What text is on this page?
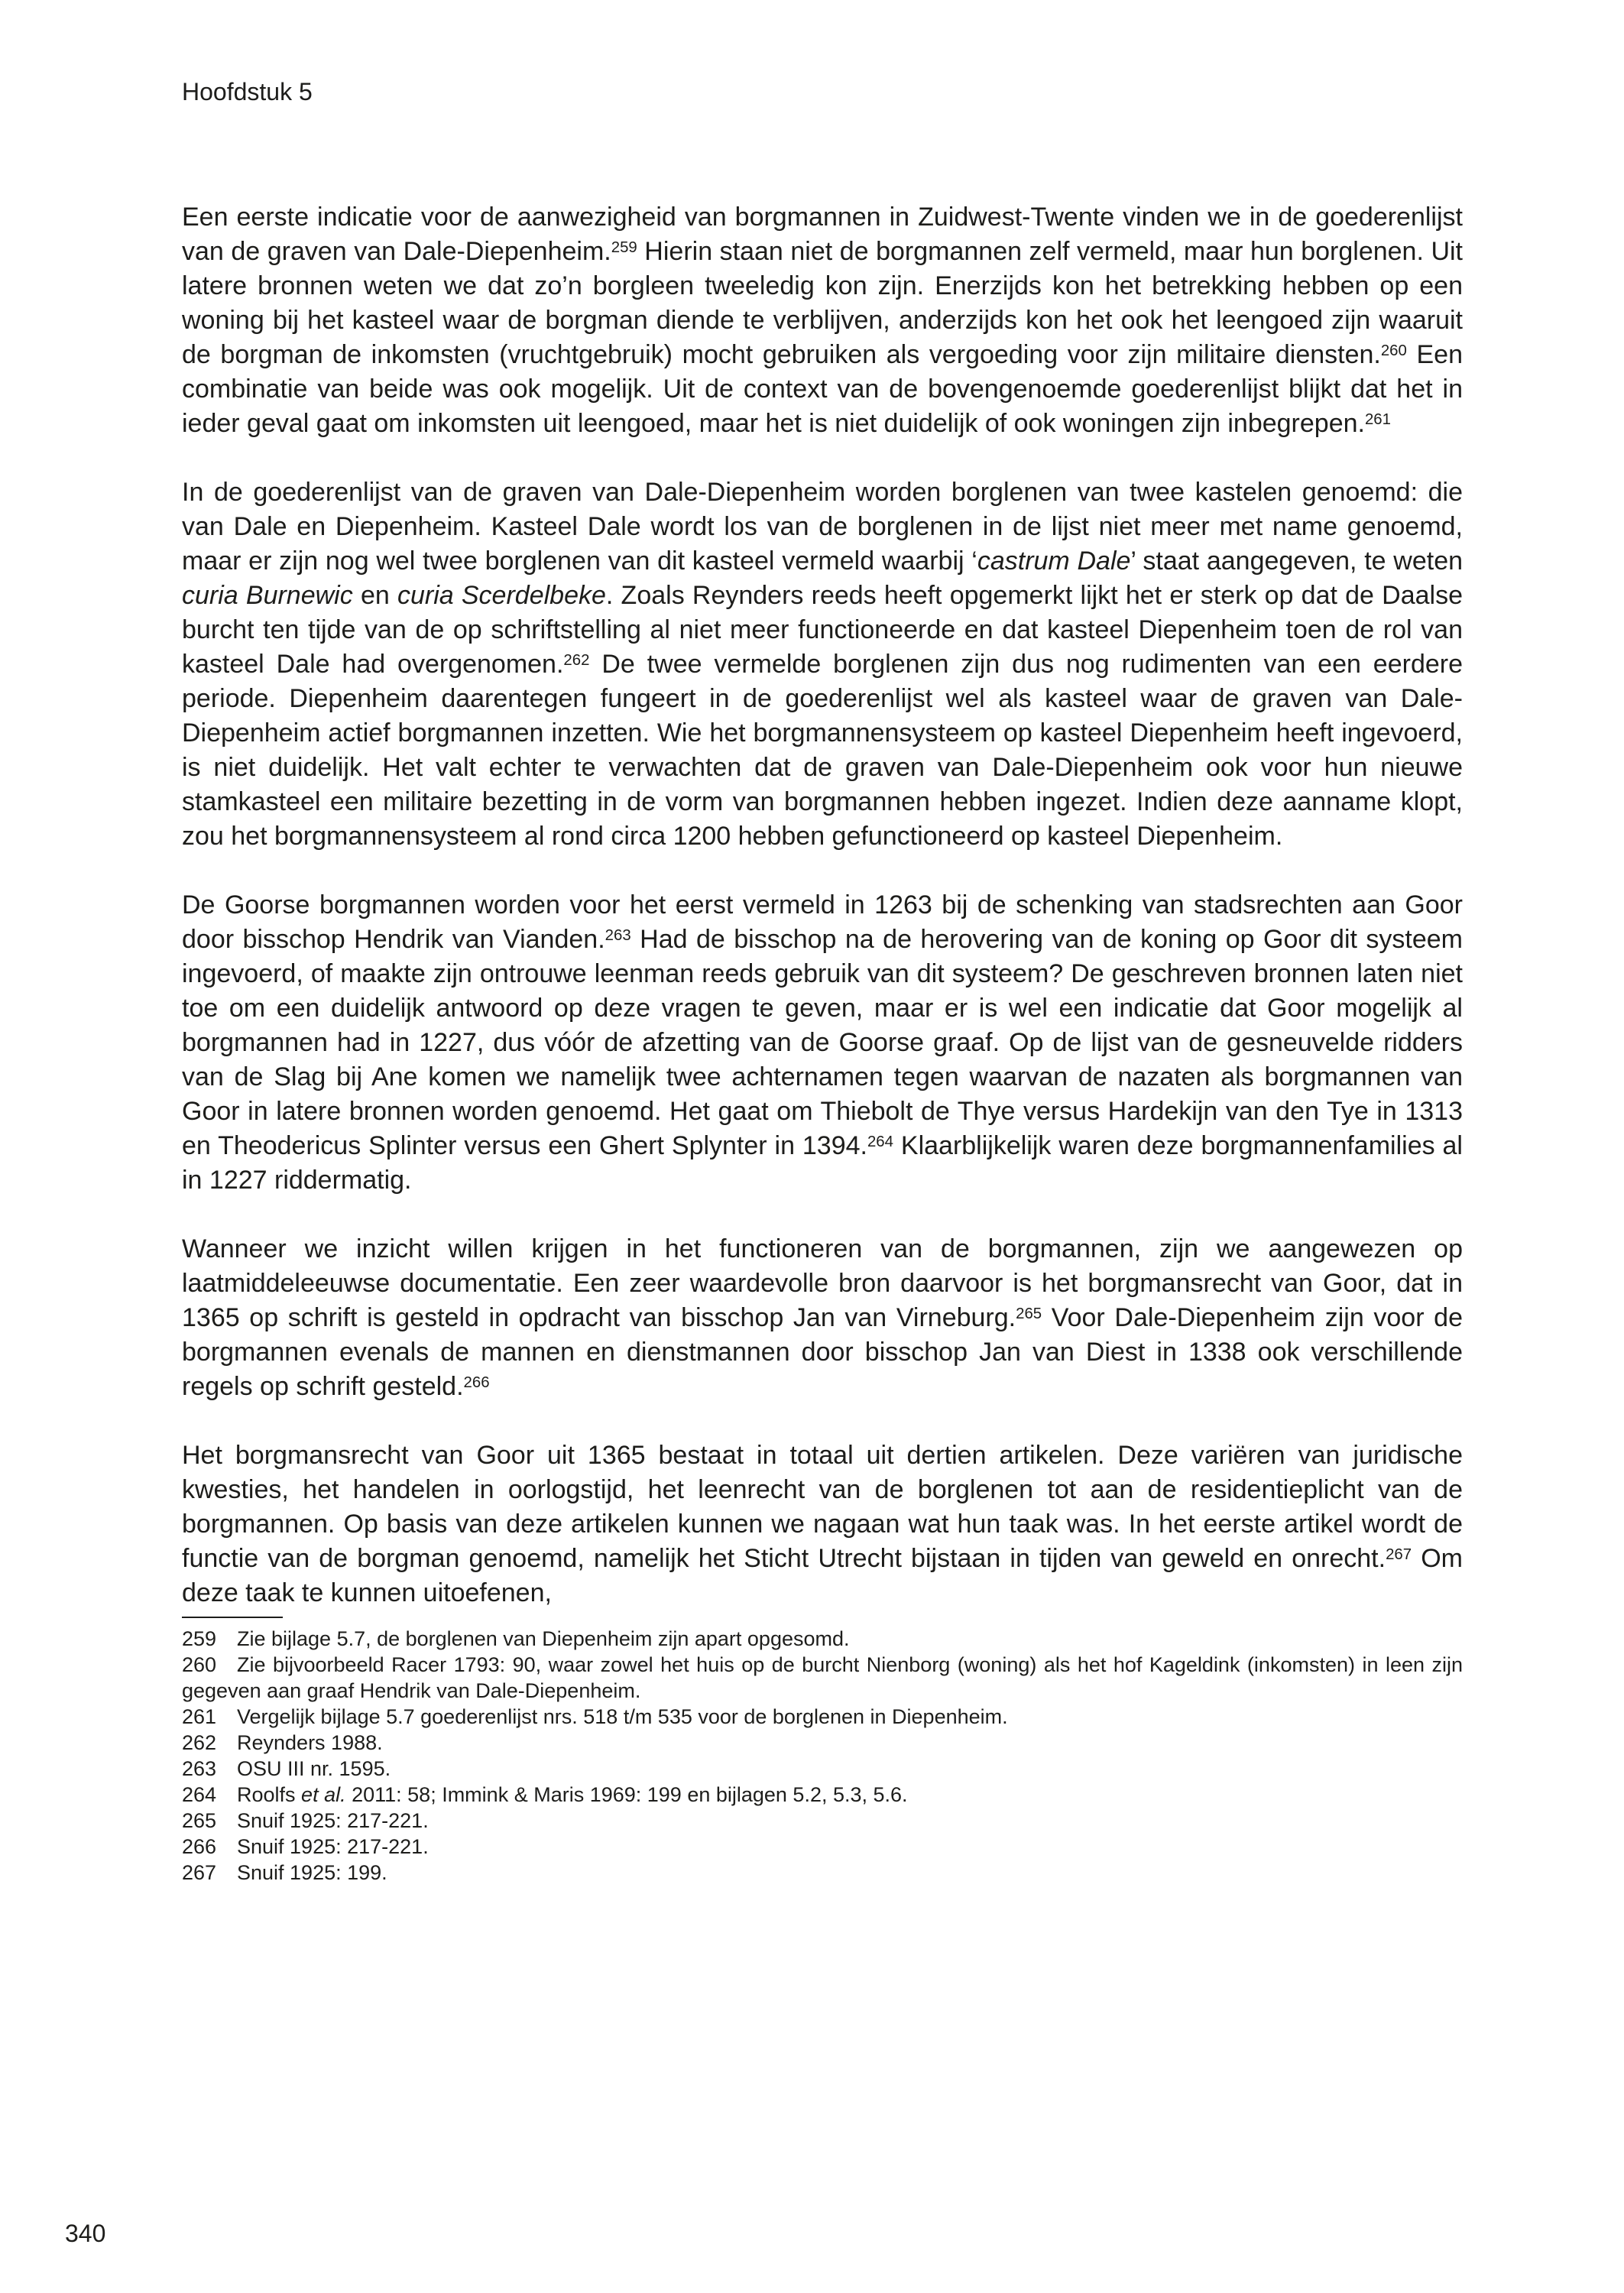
Hoofdstuk 5

Een eerste indicatie voor de aanwezigheid van borgmannen in Zuidwest-Twente vinden we in de goederenlijst van de graven van Dale-Diepenheim.$^{259}$ Hierin staan niet de borgmannen zelf vermeld, maar hun borglenen. Uit latere bronnen weten we dat zo’n borgleen tweeledig kon zijn. Enerzijds kon het betrekking hebben op een woning bij het kasteel waar de borgman diende te verblijven, anderzijds kon het ook het leengoed zijn waaruit de borgman de inkomsten (vruchtgebruik) mocht gebruiken als vergoeding voor zijn militaire diensten.$^{260}$ Een combinatie van beide was ook mogelijk. Uit de context van de bovengenoemde goederenlijst blijkt dat het in ieder geval gaat om inkomsten uit leengoed, maar het is niet duidelijk of ook woningen zijn inbegrepen.$^{261}$

In de goederenlijst van de graven van Dale-Diepenheim worden borglenen van twee kastelen genoemd: die van Dale en Diepenheim. Kasteel Dale wordt los van de borglenen in de lijst niet meer met name genoemd, maar er zijn nog wel twee borglenen van dit kasteel vermeld waarbij ‘castrum Dale’ staat aangegeven, te weten curia Burnewic en curia Scerdelbeke. Zoals Reynders reeds heeft opgemerkt lijkt het er sterk op dat de Daalse burcht ten tijde van de op schriftstelling al niet meer functioneerde en dat kasteel Diepenheim toen de rol van kasteel Dale had overgenomen.$^{262}$ De twee vermelde borglenen zijn dus nog rudimenten van een eerdere periode. Diepenheim daarentegen fungeert in de goederenlijst wel als kasteel waar de graven van Dale-Diepenheim actief borgmannen inzetten. Wie het borgmannensysteem op kasteel Diepenheim heeft ingevoerd, is niet duidelijk. Het valt echter te verwachten dat de graven van Dale-Diepenheim ook voor hun nieuwe stamkasteel een militaire bezetting in de vorm van borgmannen hebben ingezet. Indien deze aanname klopt, zou het borgmannensysteem al rond circa 1200 hebben gefunctioneerd op kasteel Diepenheim.

De Goorse borgmannen worden voor het eerst vermeld in 1263 bij de schenking van stadsrechten aan Goor door bisschop Hendrik van Vianden.$^{263}$ Had de bisschop na de herovering van de koning op Goor dit systeem ingevoerd, of maakte zijn ontrouwe leenman reeds gebruik van dit systeem? De geschreven bronnen laten niet toe om een duidelijk antwoord op deze vragen te geven, maar er is wel een indicatie dat Goor mogelijk al borgmannen had in 1227, dus vóór de afzetting van de Goorse graaf. Op de lijst van de gesneuvelde ridders van de Slag bij Ane komen we namelijk twee achternamen tegen waarvan de nazaten als borgmannen van Goor in latere bronnen worden genoemd. Het gaat om Thiebolt de Thye versus Hardekijn van den Tye in 1313 en Theodericus Splinter versus een Ghert Splynter in 1394.$^{264}$ Klaarblijkelijk waren deze borgmannenfamilies al in 1227 riddermatig.

Wanneer we inzicht willen krijgen in het functioneren van de borgmannen, zijn we aangewezen op laatmiddeleeuwse documentatie. Een zeer waardevolle bron daarvoor is het borgmansrecht van Goor, dat in 1365 op schrift is gesteld in opdracht van bisschop Jan van Virneburg.$^{265}$ Voor Dale-Diepenheim zijn voor de borgmannen evenals de mannen en dienstmannen door bisschop Jan van Diest in 1338 ook verschillende regels op schrift gesteld.$^{266}$

Het borgmansrecht van Goor uit 1365 bestaat in totaal uit dertien artikelen. Deze variëren van juridische kwesties, het handelen in oorlogstijd, het leenrecht van de borglenen tot aan de residentieplicht van de borgmannen. Op basis van deze artikelen kunnen we nagaan wat hun taak was. In het eerste artikel wordt de functie van de borgman genoemd, namelijk het Sticht Utrecht bijstaan in tijden van geweld en onrecht.$^{267}$ Om deze taak te kunnen uitoefenen,

259 Zie bijlage 5.7, de borglenen van Diepenheim zijn apart opgesomd.

260 Zie bijvoorbeeld Racer 1793: 90, waar zowel het huis op de burcht Nienborg (woning) als het hof Kageldink (inkomsten) in leen zijn gegeven aan graaf Hendrik van Dale-Diepenheim.

261 Vergelijk bijlage 5.7 goederenlijst nrs. 518 t/m 535 voor de borglenen in Diepenheim.

262 Reynders 1988.

263 OSU III nr. 1595.

264 Roolfs et al. 2011: 58; Immink & Maris 1969: 199 en bijlagen 5.2, 5.3, 5.6.

265 Snuif 1925: 217-221.

266 Snuif 1925: 217-221.

267 Snuif 1925: 199.

340
